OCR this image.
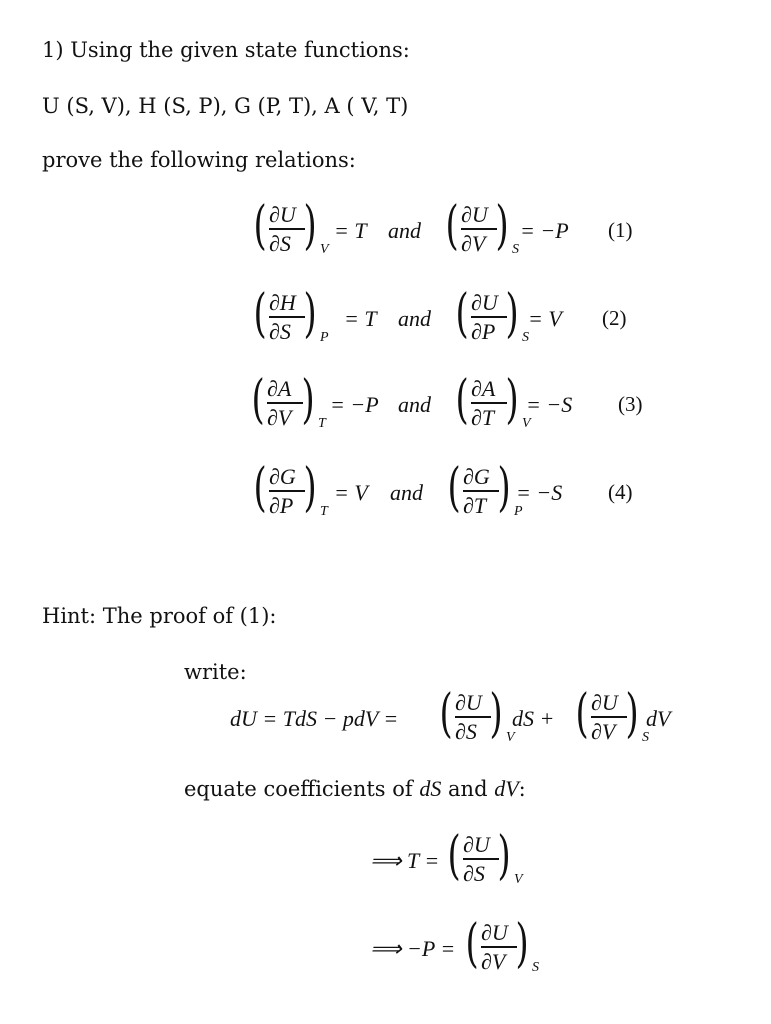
1) Using the given state functions:
U (S, V), H (S, P), G (P, T), A ( V, T)
prove the following relations:
( ∂U
∂S ) V
= T and ( ∂U
∂V ) S
= −P (1)
( ∂H
∂S ) P
= T and ( ∂U
∂P ) S
= V (2)
( ∂A
∂V ) T
= −P and ( ∂A
∂T ) V
= −S (3)
( ∂G
∂P ) T
= V and ( ∂G
∂T ) P
= −S (4)
Hint: The proof of (1):
write:
dU = TdS − pdV = ( ∂U
∂S ) V
dS + ( ∂U
∂V ) S
dV
equate coefficients of dS and dV:
⟹ T = ( ∂U
∂S ) V
⟹ −P = ( ∂U
∂V ) S
